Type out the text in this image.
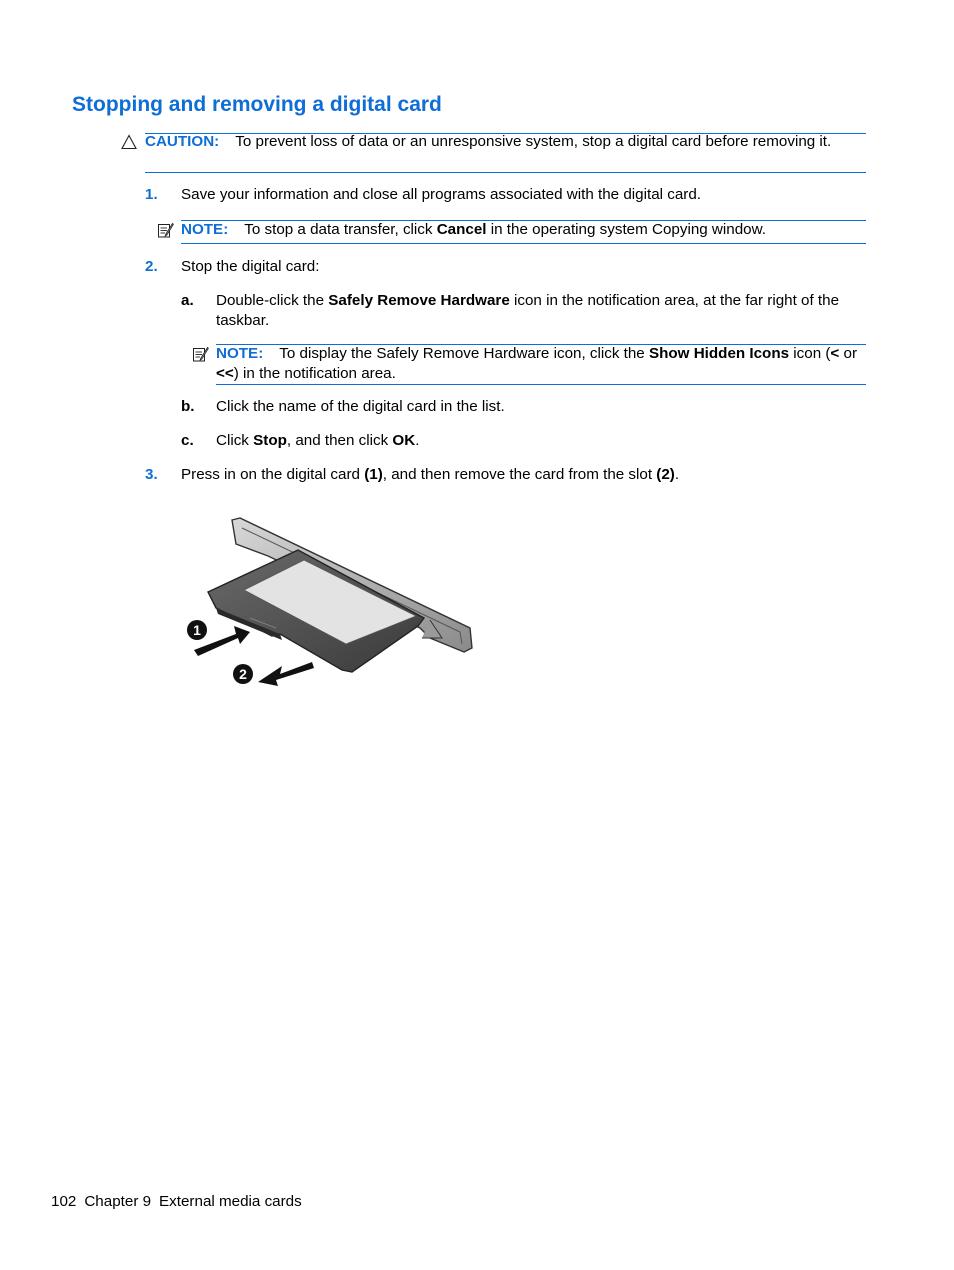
Stopping and removing a digital card
CAUTION: To prevent loss of data or an unresponsive system, stop a digital card before removing it.
1. Save your information and close all programs associated with the digital card.
NOTE: To stop a data transfer, click Cancel in the operating system Copying window.
2. Stop the digital card:
a. Double-click the Safely Remove Hardware icon in the notification area, at the far right of the taskbar.
NOTE: To display the Safely Remove Hardware icon, click the Show Hidden Icons icon (< or <<) in the notification area.
b. Click the name of the digital card in the list.
c. Click Stop, and then click OK.
3. Press in on the digital card (1), and then remove the card from the slot (2).
1
2
102 Chapter 9 External media cards
